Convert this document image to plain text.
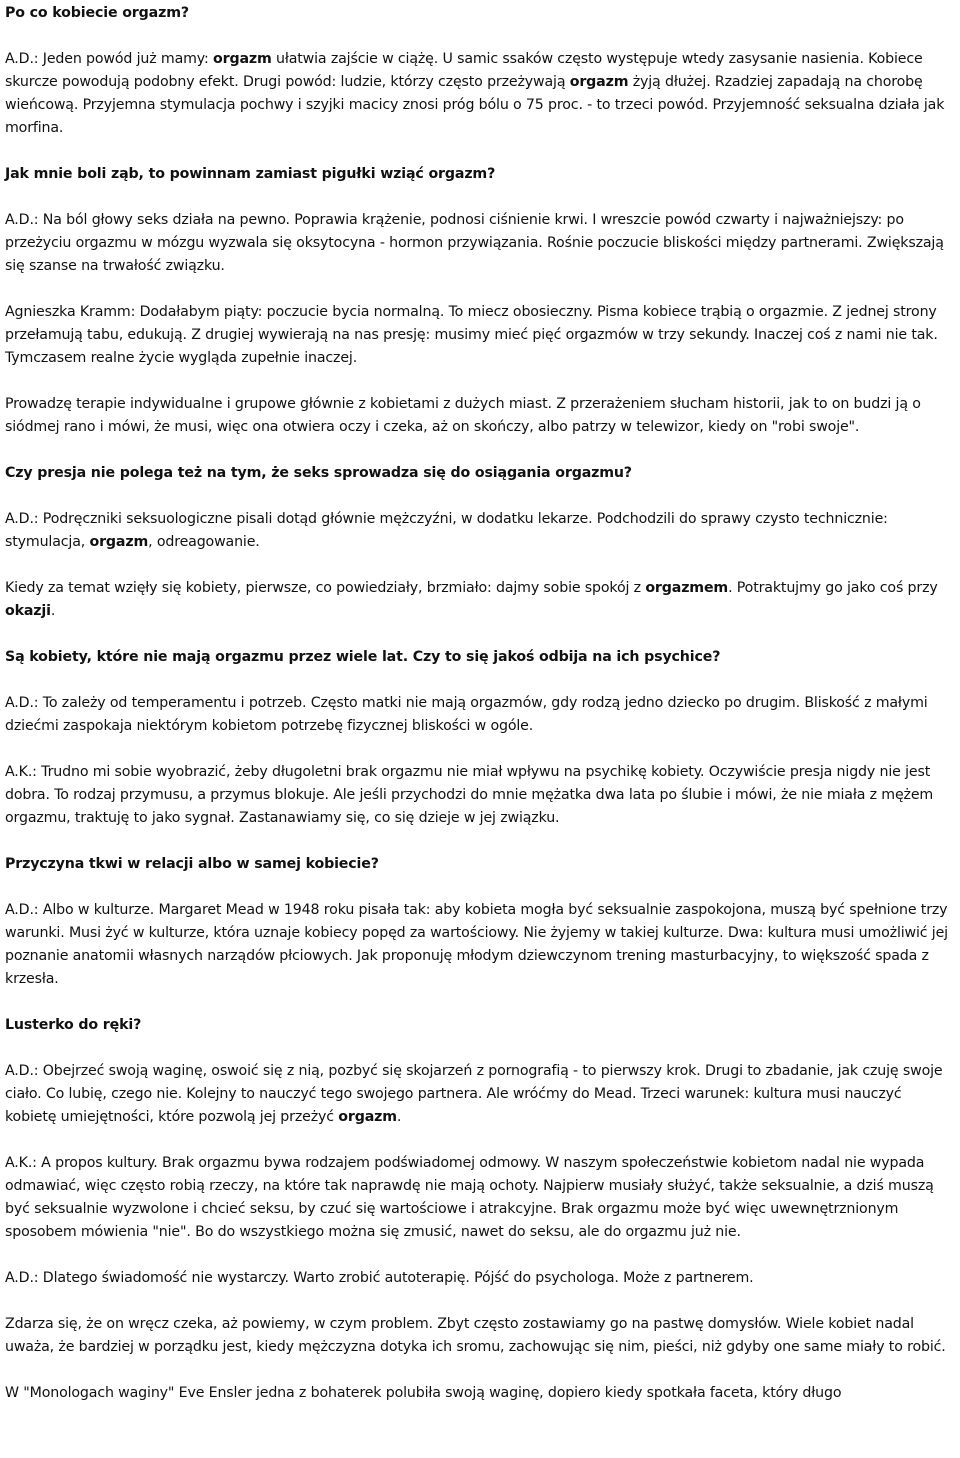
Po co kobiecie orgazm?

A.D.: Jeden powód już mamy: orgazm ułatwia zajście w ciążę. U samic ssaków często występuje wtedy zasysanie nasienia. Kobiece skurcze powodują podobny efekt. Drugi powód: ludzie, którzy często przeżywają orgazm żyją dłużej. Rzadziej zapadają na chorobę wieńcową. Przyjemna stymulacja pochwy i szyjki macicy znosi próg bólu o 75 proc. - to trzeci powód. Przyjemność seksualna działa jak morfina.

Jak mnie boli ząb, to powinnam zamiast pigułki wziąć orgazm?

A.D.: Na ból głowy seks działa na pewno. Poprawia krążenie, podnosi ciśnienie krwi. I wreszcie powód czwarty i najważniejszy: po przeżyciu orgazmu w mózgu wyzwala się oksytocyna - hormon przywiązania. Rośnie poczucie bliskości między partnerami. Zwiększają się szanse na trwałość związku.

Agnieszka Kramm: Dodałabym piąty: poczucie bycia normalną. To miecz obosieczny. Pisma kobiece trąbią o orgazmie. Z jednej strony przełamują tabu, edukują. Z drugiej wywierają na nas presję: musimy mieć pięć orgazmów w trzy sekundy. Inaczej coś z nami nie tak. Tymczasem realne życie wygląda zupełnie inaczej.

Prowadzę terapie indywidualne i grupowe głównie z kobietami z dużych miast. Z przerażeniem słucham historii, jak to on budzi ją o siódmej rano i mówi, że musi, więc ona otwiera oczy i czeka, aż on skończy, albo patrzy w telewizor, kiedy on "robi swoje".

Czy presja nie polega też na tym, że seks sprowadza się do osiągania orgazmu?

A.D.: Podręczniki seksuologiczne pisali dotąd głównie mężczyźni, w dodatku lekarze. Podchodzili do sprawy czysto technicznie: stymulacja, orgazm, odreagowanie.

Kiedy za temat wzięły się kobiety, pierwsze, co powiedziały, brzmiało: dajmy sobie spokój z orgazmem. Potraktujmy go jako coś przy okazji.

Są kobiety, które nie mają orgazmu przez wiele lat. Czy to się jakoś odbija na ich psychice?

A.D.: To zależy od temperamentu i potrzeb. Często matki nie mają orgazmów, gdy rodzą jedno dziecko po drugim. Bliskość z małymi dziećmi zaspokaja niektórym kobietom potrzebę fizycznej bliskości w ogóle.

A.K.: Trudno mi sobie wyobrazić, żeby długoletni brak orgazmu nie miał wpływu na psychikę kobiety. Oczywiście presja nigdy nie jest dobra. To rodzaj przymusu, a przymus blokuje. Ale jeśli przychodzi do mnie mężatka dwa lata po ślubie i mówi, że nie miała z mężem orgazmu, traktuję to jako sygnał. Zastanawiamy się, co się dzieje w jej związku.

Przyczyna tkwi w relacji albo w samej kobiecie?

A.D.: Albo w kulturze. Margaret Mead w 1948 roku pisała tak: aby kobieta mogła być seksualnie zaspokojona, muszą być spełnione trzy warunki. Musi żyć w kulturze, która uznaje kobiecy popęd za wartościowy. Nie żyjemy w takiej kulturze. Dwa: kultura musi umożliwić jej poznanie anatomii własnych narządów płciowych. Jak proponuję młodym dziewczynom trening masturbacyjny, to większość spada z krzesła.

Lusterko do ręki?

A.D.: Obejrzeć swoją waginę, oswoić się z nią, pozbyć się skojarzeń z pornografią - to pierwszy krok. Drugi to zbadanie, jak czuję swoje ciało. Co lubię, czego nie. Kolejny to nauczyć tego swojego partnera. Ale wróćmy do Mead. Trzeci warunek: kultura musi nauczyć kobietę umiejętności, które pozwolą jej przeżyć orgazm.

A.K.: A propos kultury. Brak orgazmu bywa rodzajem podświadomej odmowy. W naszym społeczeństwie kobietom nadal nie wypada odmawiać, więc często robią rzeczy, na które tak naprawdę nie mają ochoty. Najpierw musiały służyć, także seksualnie, a dziś muszą być seksualnie wyzwolone i chcieć seksu, by czuć się wartościowe i atrakcyjne. Brak orgazmu może być więc uwewnętrznionym sposobem mówienia "nie". Bo do wszystkiego można się zmusić, nawet do seksu, ale do orgazmu już nie.

A.D.: Dlatego świadomość nie wystarczy. Warto zrobić autoterapię. Pójść do psychologa. Może z partnerem.

Zdarza się, że on wręcz czeka, aż powiemy, w czym problem. Zbyt często zostawiamy go na pastwę domysłów. Wiele kobiet nadal uważa, że bardziej w porządku jest, kiedy mężczyzna dotyka ich sromu, zachowując się nim, pieści, niż gdyby one same miały to robić.

W "Monologach waginy" Eve Ensler jedna z bohaterek polubiła swoją waginę, dopiero kiedy spotkała faceta, który długo
